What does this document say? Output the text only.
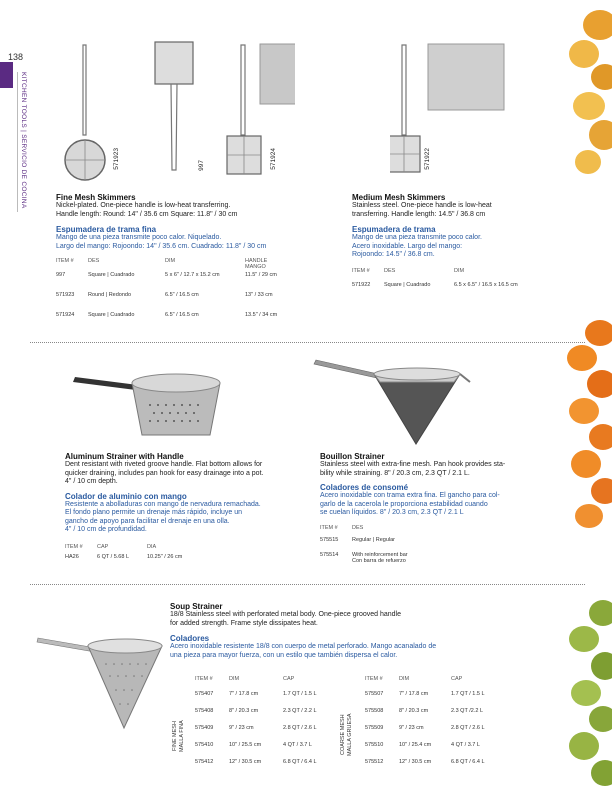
138
KITCHEN TOOLS | SERVICIO DE COCINA	571923	997	571924
Fine Mesh Skimmers
Nickel-plated. One-piece handle is low-heat transferring.
Handle length: Round: 14" / 35.6 cm Square: 11.8" / 30 cm
Espumadera de trama fina
Mango de una pieza transmite poco calor. Niquelado.
Largo del mango: Rojoondo: 14" / 35.6 cm. Cuadrado: 11.8" / 30 cm
ITEM #	DES	DIM	HANDLE
MANGO
997	Square | Cuadrado	5 x 6" / 12.7 x 15.2 cm	11.5" / 29 cm
571923 Round | Redondo	6.5" / 16.5 cm	13" / 33 cm
571924 Square | Cuadrado	6.5" / 16.5 cm	13.5" / 34 cm
571922
Medium Mesh Skimmers
Stainless steel. One-piece handle is low-heat
transferring. Handle length: 14.5" / 36.8 cm
Espumadera de trama
Mango de una pieza transmite poco calor.
Acero inoxidable. Largo del mango:
Rojoondo: 14.5" / 36.8 cm.
ITEM #	DES	DIM
571922 Square | Cuadrado	6.5 x 6.5" / 16.5 x 16.5 cm
Aluminum Strainer with Handle
Dent resistant with riveted groove handle. Flat bottom allows for
quicker draining, includes pan hook for easy drainage into a pot.
4" / 10 cm depth.
Colador de aluminio con mango
Resistente a abolladuras con mango de nervadura remachada.
El fondo plano permite un drenaje más rápido, incluye un
gancho de apoyo para facilitar el drenaje en una olla.
4" / 10 cm de profundidad.
ITEM #	CAP	DIA
HA26	6 QT / 5.68 L	10.25" / 26 cm
Bouillon Strainer
Stainless steel with extra-fine mesh. Pan hook provides sta-
bility while straining. 8" / 20.3 cm, 2.3 QT / 2.1 L.
Coladores de consomé
Acero inoxidable con trama extra fina. El gancho para col-
garlo de la cacerola le proporciona estabilidad cuando
se cuelan líquidos. 8" / 20.3 cm, 2.3 QT / 2.1 L
ITEM #	DES
575515 Regular | Regular
575514 With reinforcement bar
Con barra de refuerzo
Soup Strainer
18/8 Stainless steel with perforated metal body. One-piece grooved handle
for added strength. Frame style dissipates heat.
Coladores
Acero inoxidable resistente 18/8 con cuerpo de metal perforado. Mango acanalado de
una pieza para mayor fuerza, con un estilo que también dispersa el calor.
FINE MESH
MALLA FINA
ITEM #	DIM	CAP
575407	7" / 17.8 cm	1.7 QT / 1.5 L
575408	8" / 20.3 cm	2.3 QT / 2.2 L
575409	9" / 23 cm	2.8 QT / 2.6 L
575410	10" / 25.5 cm	4 QT / 3.7 L
575412	12" / 30.5 cm	6.8 QT / 6.4 L
COARSE MESH
MALLA GRUESA
ITEM #	DIM	CAP
575507	7" / 17.8 cm	1.7 QT / 1.5 L
575508	8" / 20.3 cm	2.3 QT /2.2 L
575509	9" / 23 cm	2.8 QT / 2.6 L
575510	10" / 25.4 cm	4 QT / 3.7 L
575512	12" / 30.5 cm	6.8 QT / 6.4 L
